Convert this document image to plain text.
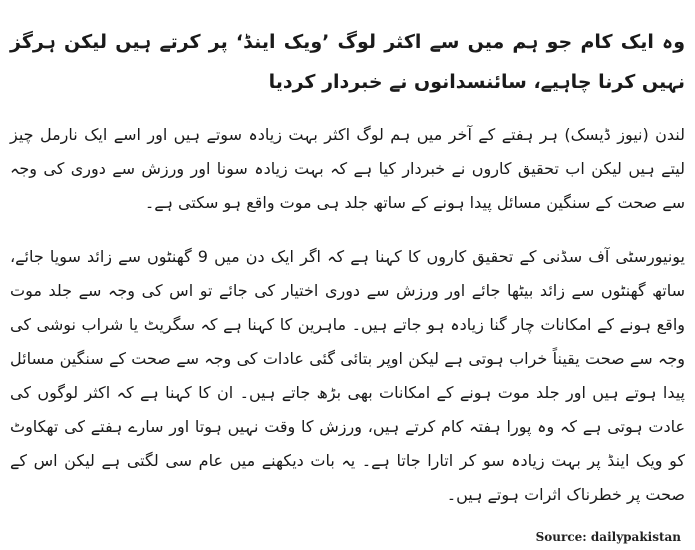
وہ ایک کام جو ہم میں سے اکثر لوگ ’ویک اینڈ‘ پر کرتے ہیں لیکن ہرگز نہیں کرنا چاہیے، سائنسدانوں نے خبردار کردیا

لندن (نیوز ڈیسک) ہر ہفتے کے آخر میں ہم لوگ اکثر بہت زیادہ سوتے ہیں اور اسے ایک نارمل چیز لیتے ہیں لیکن اب تحقیق کاروں نے خبردار کیا ہے کہ بہت زیادہ سونا اور ورزش سے دوری کی وجہ سے صحت کے سنگین مسائل پیدا ہونے کے ساتھ جلد ہی موت واقع ہو سکتی ہے۔

یونیورسٹی آف سڈنی کے تحقیق کاروں کا کہنا ہے کہ اگر ایک دن میں 9 گھنٹوں سے زائد سویا جائے، ساتھ گھنٹوں سے زائد بیٹھا جائے اور ورزش سے دوری اختیار کی جائے تو اس کی وجہ سے جلد موت واقع ہونے کے امکانات چار گنا زیادہ ہو جاتے ہیں۔ ماہرین کا کہنا ہے کہ سگریٹ یا شراب نوشی کی وجہ سے صحت یقیناً خراب ہوتی ہے لیکن اوپر بتائی گئی عادات کی وجہ سے صحت کے سنگین مسائل پیدا ہوتے ہیں اور جلد موت ہونے کے امکانات بھی بڑھ جاتے ہیں۔ ان کا کہنا ہے کہ اکثر لوگوں کی عادت ہوتی ہے کہ وہ پورا ہفتہ کام کرتے ہیں، ورزش کا وقت نہیں ہوتا اور سارے ہفتے کی تھکاوٹ کو ویک اینڈ پر بہت زیادہ سو کر اتارا جاتا ہے۔ یہ بات دیکھنے میں عام سی لگتی ہے لیکن اس کے صحت پر خطرناک اثرات ہوتے ہیں۔

Source: dailypakistan
